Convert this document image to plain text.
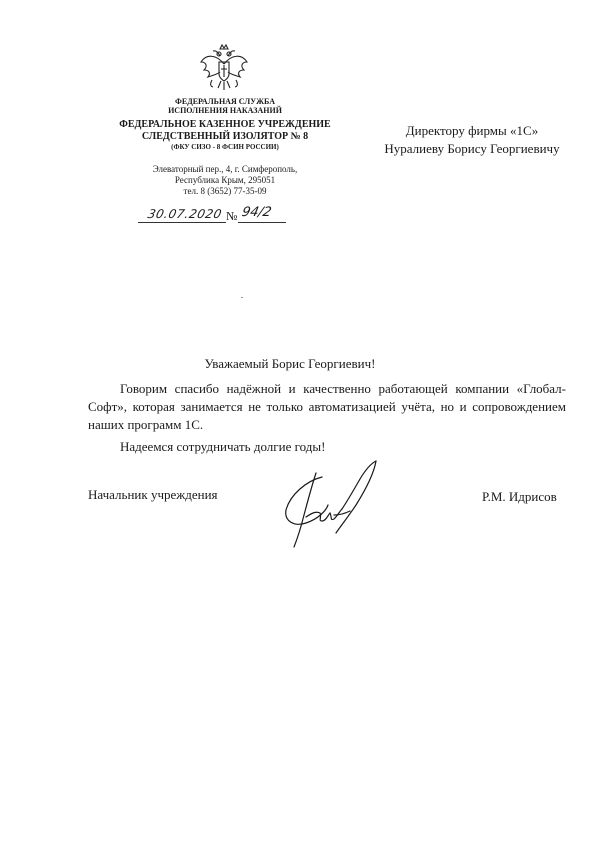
ФЕДЕРАЛЬНАЯ СЛУЖБА
ИСПОЛНЕНИЯ НАКАЗАНИЙ
ФЕДЕРАЛЬНОЕ КАЗЕННОЕ УЧРЕЖДЕНИЕ
СЛЕДСТВЕННЫЙ ИЗОЛЯТОР № 8
(ФКУ СИЗО - 8 ФСИН РОССИИ)
Элеваторный пер., 4, г. Симферополь,
Республика Крым, 295051
тел. 8 (3652) 77-35-09
30.07.2020 № 94/2
Директору фирмы «1С»
Нуралиеву Борису Георгиевичу
Уважаемый Борис Георгиевич!
Говорим спасибо надёжной и качественно работающей компании «Глобал-Софт», которая занимается не только автоматизацией учёта, но и сопровождением наших программ 1С.
Надеемся сотрудничать долгие годы!
Начальник учреждения	Р.М. Идрисов
